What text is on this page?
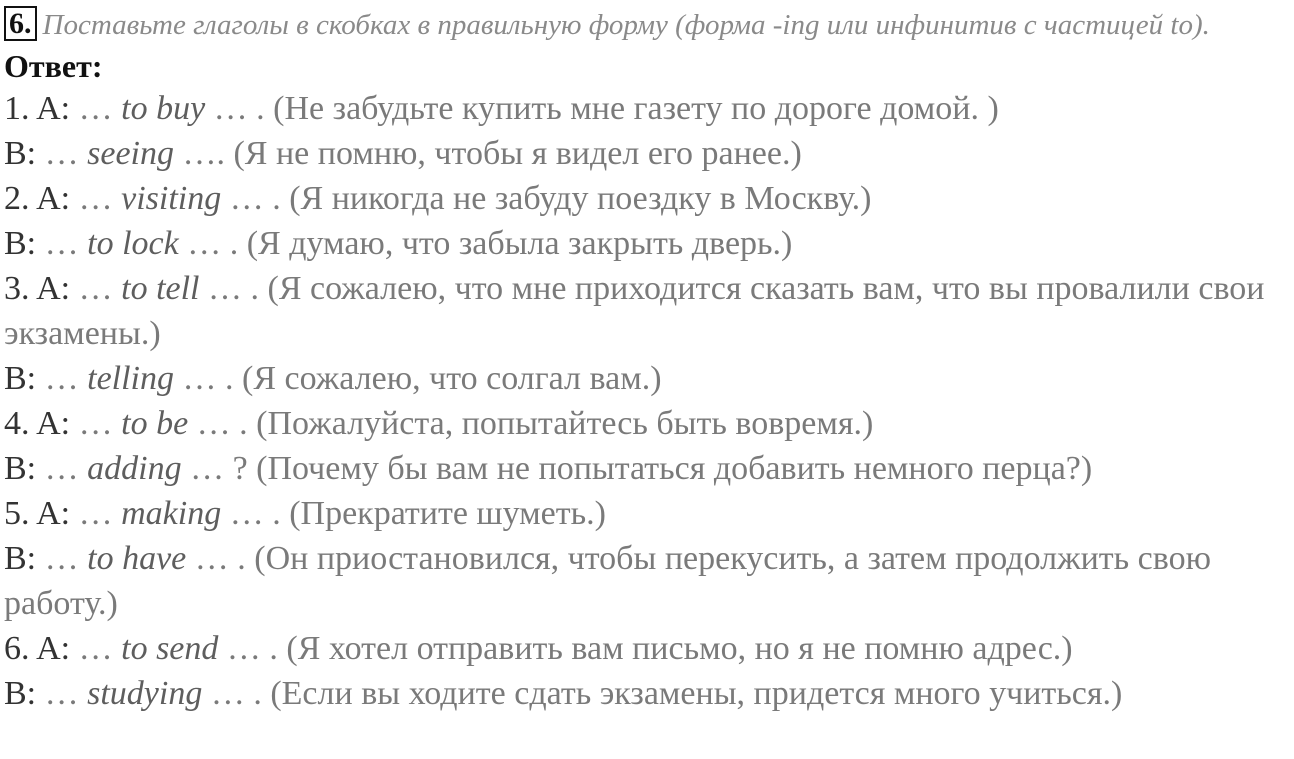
6. Поставьте глаголы в скобках в правильную форму (форма -ing или инфинитив с частицей to).

Ответ:

1. A: … to buy … . (Не забудьте купить мне газету по дороге домой. )

B: … seeing …. (Я не помню, чтобы я видел его ранее.)

2. A: … visiting … . (Я никогда не забуду поездку в Москву.)

B: … to lock … . (Я думаю, что забыла закрыть дверь.)

3. A: … to tell … . (Я сожалею, что мне приходится сказать вам, что вы провалили свои экзамены.)

B: … telling … . (Я сожалею, что солгал вам.)

4. A: … to be … . (Пожалуйста, попытайтесь быть вовремя.)

B: … adding … ? (Почему бы вам не попытаться добавить немного перца?)

5. A: … making … . (Прекратите шуметь.)

B: … to have … . (Он приостановился, чтобы перекусить, а затем продолжить свою работу.)

6. A: … to send … . (Я хотел отправить вам письмо, но я не помню адрес.)

B: … studying … . (Если вы ходите сдать экзамены, придется много учиться.)
